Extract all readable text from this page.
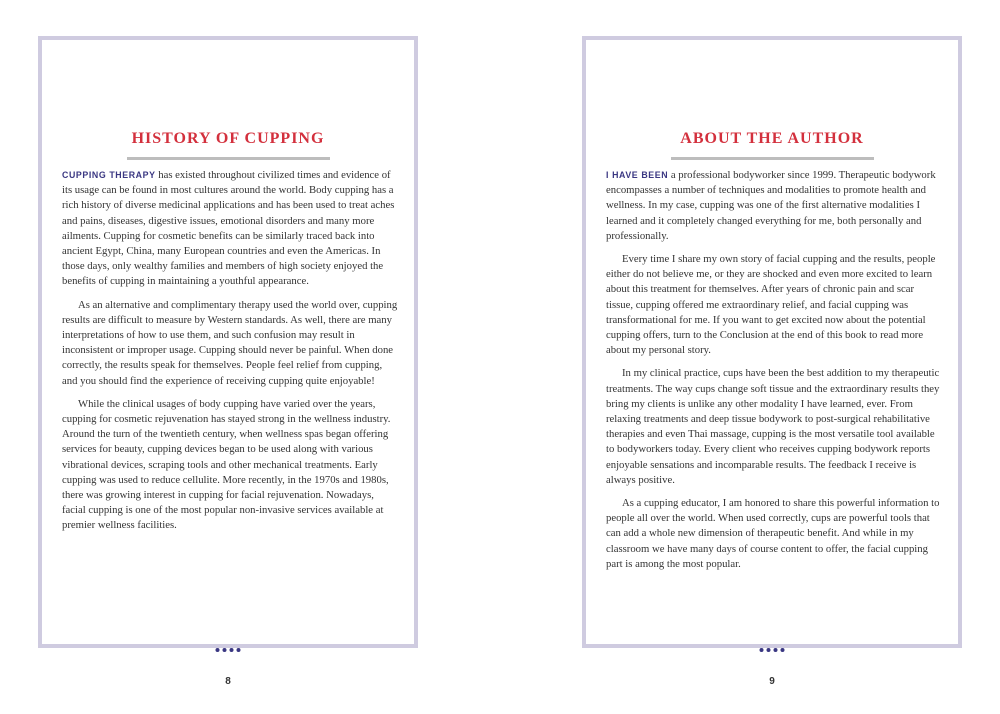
HISTORY OF CUPPING

CUPPING THERAPY has existed throughout civilized times and evidence of its usage can be found in most cultures around the world. Body cupping has a rich history of diverse medicinal applications and has been used to treat aches and pains, diseases, digestive issues, emotional disorders and many more ailments. Cupping for cosmetic benefits can be similarly traced back into ancient Egypt, China, many European countries and even the Americas. In those days, only wealthy families and members of high society enjoyed the benefits of cupping in maintaining a youthful appearance.

As an alternative and complimentary therapy used the world over, cupping results are difficult to measure by Western standards. As well, there are many interpretations of how to use them, and such confusion may result in inconsistent or improper usage. Cupping should never be painful. When done correctly, the results speak for themselves. People feel relief from cupping, and you should find the experience of receiving cupping quite enjoyable!

While the clinical usages of body cupping have varied over the years, cupping for cosmetic rejuvenation has stayed strong in the wellness industry. Around the turn of the twentieth century, when wellness spas began offering services for beauty, cupping devices began to be used along with various vibrational devices, scraping tools and other mechanical treatments. Early cupping was used to reduce cellulite. More recently, in the 1970s and 1980s, there was growing interest in cupping for facial rejuvenation. Nowadays, facial cupping is one of the most popular non-invasive services available at premier wellness facilities.

8
ABOUT THE AUTHOR

I HAVE BEEN a professional bodyworker since 1999. Therapeutic bodywork encompasses a number of techniques and modalities to promote health and wellness. In my case, cupping was one of the first alternative modalities I learned and it completely changed everything for me, both personally and professionally.

Every time I share my own story of facial cupping and the results, people either do not believe me, or they are shocked and even more excited to learn about this treatment for themselves. After years of chronic pain and scar tissue, cupping offered me extraordinary relief, and facial cupping was transformational for me. If you want to get excited now about the potential cupping offers, turn to the Conclusion at the end of this book to read more about my personal story.

In my clinical practice, cups have been the best addition to my therapeutic treatments. The way cups change soft tissue and the extraordinary results they bring my clients is unlike any other modality I have learned, ever. From relaxing treatments and deep tissue bodywork to post-surgical rehabilitative therapies and even Thai massage, cupping is the most versatile tool available to bodyworkers today. Every client who receives cupping bodywork reports enjoyable sensations and incomparable results. The feedback I receive is always positive.

As a cupping educator, I am honored to share this powerful information to people all over the world. When used correctly, cups are powerful tools that can add a whole new dimension of therapeutic benefit. And while in my classroom we have many days of course content to offer, the facial cupping part is among the most popular.

9
